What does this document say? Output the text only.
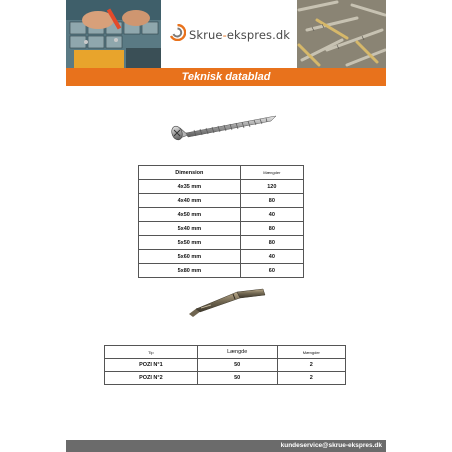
Skrue-ekspres.dk
Teknisk datablad
Dimension	Mængder
4x35 mm	120
4x40 mm	80
4x50 mm	40
5x40 mm	80
5x50 mm	80
5x60 mm	40
5x80 mm	60
Tip	Længde	Mængder
POZI N°1	50	2
POZI N°2	50	2
kundeservice@skrue-ekspres.dk
